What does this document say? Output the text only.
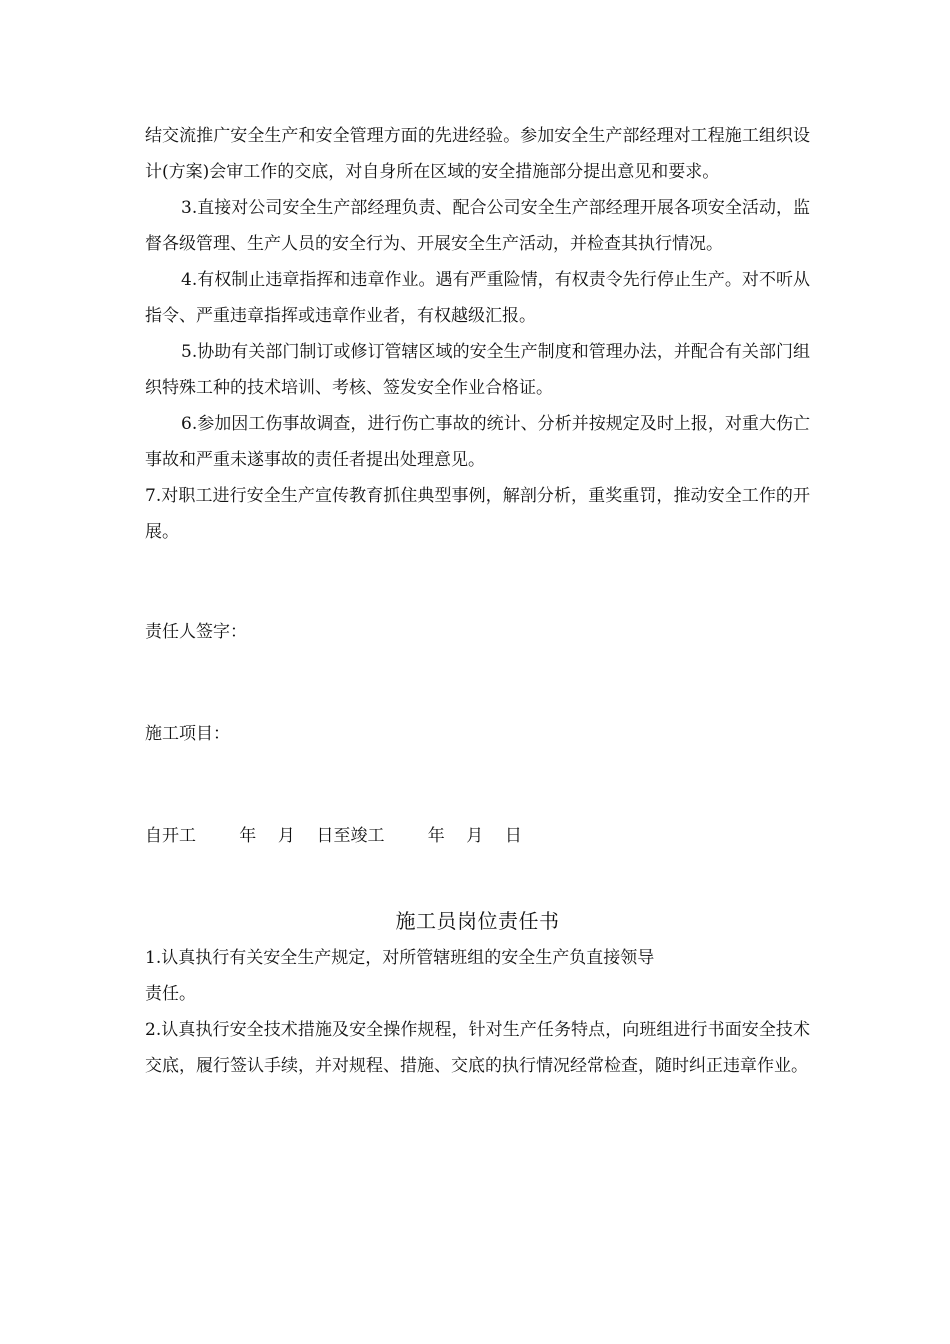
结交流推广安全生产和安全管理方面的先进经验。参加安全生产部经理对工程施工组织设计(方案)会审工作的交底，对自身所在区域的安全措施部分提出意见和要求。

3.直接对公司安全生产部经理负责、配合公司安全生产部经理开展各项安全活动，监督各级管理、生产人员的安全行为、开展安全生产活动，并检查其执行情况。

4.有权制止违章指挥和违章作业。遇有严重险情，有权责令先行停止生产。对不听从指令、严重违章指挥或违章作业者，有权越级汇报。

5.协助有关部门制订或修订管辖区域的安全生产制度和管理办法，并配合有关部门组织特殊工种的技术培训、考核、签发安全作业合格证。

6.参加因工伤事故调查，进行伤亡事故的统计、分析并按规定及时上报，对重大伤亡事故和严重未遂事故的责任者提出处理意见。

7.对职工进行安全生产宣传教育抓住典型事例，解剖分析，重奖重罚，推动安全工作的开展。

责任人签字：
施工项目：
自开工        年    月    日至竣工        年    月    日
施工员岗位责任书
1.认真执行有关安全生产规定，对所管辖班组的安全生产负直接领导
责任。

2.认真执行安全技术措施及安全操作规程，针对生产任务特点，向班组进行书面安全技术交底，履行签认手续，并对规程、措施、交底的执行情况经常检查，随时纠正违章作业。
